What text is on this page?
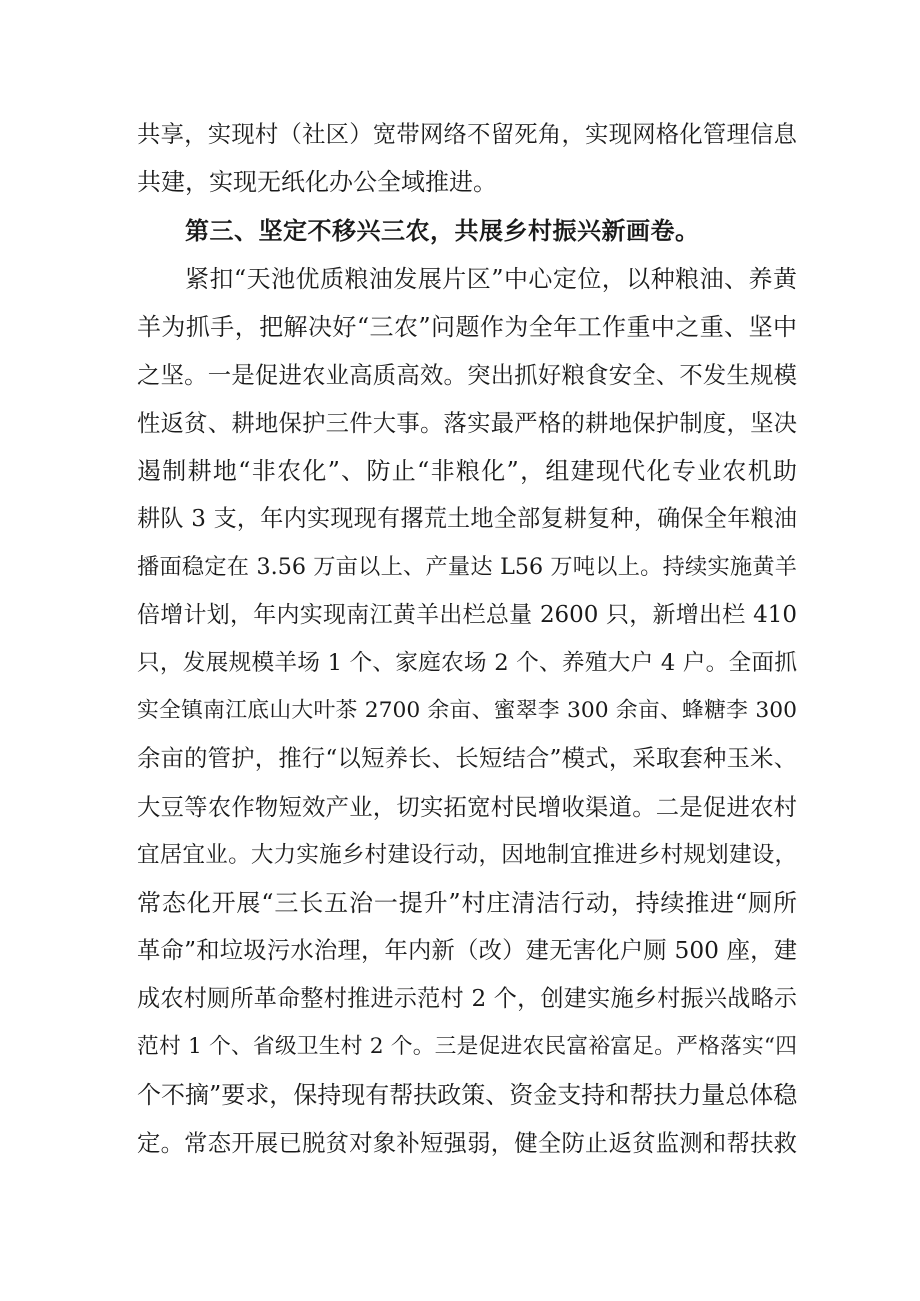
共享，实现村（社区）宽带网络不留死角，实现网格化管理信息
共建，实现无纸化办公全域推进。
第三、坚定不移兴三农，共展乡村振兴新画卷。
紧扣“天池优质粮油发展片区”中心定位，以种粮油、养黄
羊为抓手，把解决好“三农”问题作为全年工作重中之重、坚中
之坚。一是促进农业高质高效。突出抓好粮食安全、不发生规模
性返贫、耕地保护三件大事。落实最严格的耕地保护制度，坚决
遏制耕地“非农化”、防止“非粮化”，组建现代化专业农机助
耕队 3 支，年内实现现有撂荒土地全部复耕复种，确保全年粮油
播面稳定在 3.56 万亩以上、产量达 L56 万吨以上。持续实施黄羊
倍增计划，年内实现南江黄羊出栏总量 2600 只，新增出栏 410
只，发展规模羊场 1 个、家庭农场 2 个、养殖大户 4 户。全面抓
实全镇南江底山大叶茶 2700 余亩、蜜翠李 300 余亩、蜂糖李 300
余亩的管护，推行“以短养长、长短结合”模式，采取套种玉米、
大豆等农作物短效产业，切实拓宽村民增收渠道。二是促进农村
宜居宜业。大力实施乡村建设行动，因地制宜推进乡村规划建设，
常态化开展“三长五治一提升”村庄清洁行动，持续推进“厕所
革命”和垃圾污水治理，年内新（改）建无害化户厕 500 座，建
成农村厕所革命整村推进示范村 2 个，创建实施乡村振兴战略示
范村 1 个、省级卫生村 2 个。三是促进农民富裕富足。严格落实“四
个不摘”要求，保持现有帮扶政策、资金支持和帮扶力量总体稳
定。常态开展已脱贫对象补短强弱，健全防止返贫监测和帮扶救
